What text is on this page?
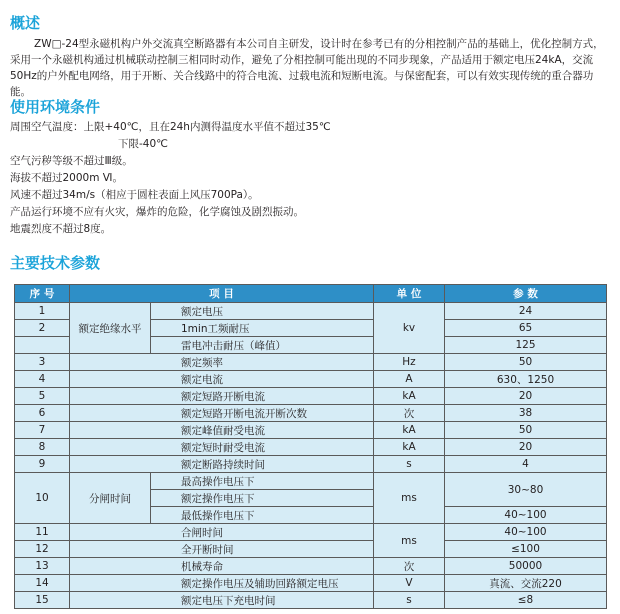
概述

ZW□-24型永磁机构户外交流真空断路器有本公司自主研发，设计时在参考已有的分相控制产品的基础上，优化控制方式，采用一个永磁机构通过机械联动控制三相同时动作，避免了分相控制可能出现的不同步现象，产品适用于额定电压24kA，交流50Hz的户外配电网络，用于开断、关合线路中的符合电流、过载电流和短断电流。与保密配套，可以有效实现传统的重合器功能。

使用环境条件

周围空气温度：上限+40℃，且在24h内测得温度水平值不超过35℃

下限-40℃

空气污秽等级不超过Ⅲ级。

海拔不超过2000m Ⅵ。

风速不超过34m/s（相应于圆柱表面上风压700Pa）。

产品运行环境不应有火灾，爆炸的危险，化学腐蚀及剧烈振动。

地震烈度不超过8度。

主要技术参数
序 号	项 目		单 位	参 数
1	额定绝缘水平	额定电压	kv	24
2		1min工频耐压		65
		雷电冲击耐压（峰值）		125
3	额定频率		Hz	50
4	额定电流		A	630、1250
5	额定短路开断电流		kA	20
6	额定短路开断电流开断次数		次	38
7	额定峰值耐受电流		kA	50
8	额定短时耐受电流		kA	20
9	额定断路持续时间		s	4
10	分闸时间	最高操作电压下	ms	30~80
		额定操作电压下		
		最低操作电压下		40~100
11	合闸时间		ms	40~100
12	全开断时间			≤100
13	机械寿命		次	50000
14	额定操作电压及辅助回路额定电压		V	真流、交流220
15	额定电压下充电时间		s	≤8
